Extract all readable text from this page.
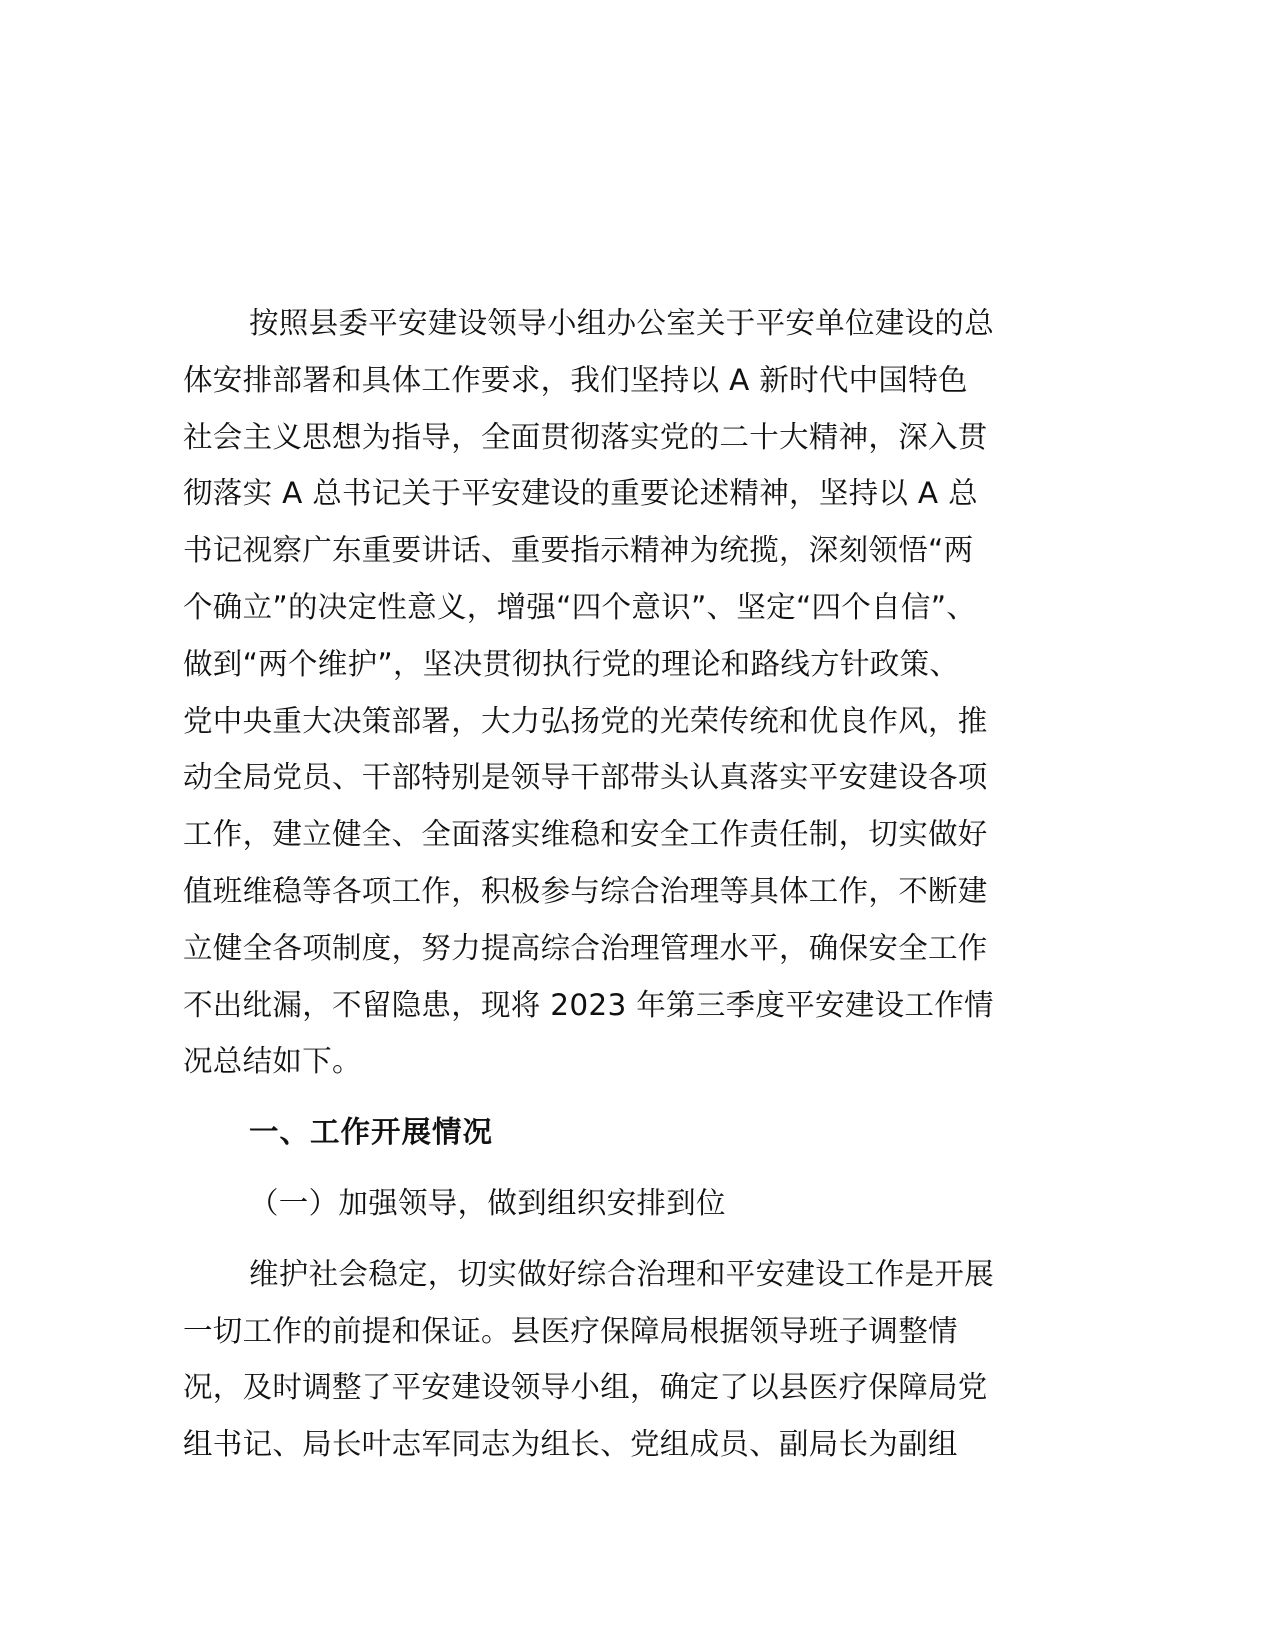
按照县委平安建设领导小组办公室关于平安单位建设的总
体安排部署和具体工作要求，我们坚持以 A 新时代中国特色
社会主义思想为指导，全面贯彻落实党的二十大精神，深入贯
彻落实 A 总书记关于平安建设的重要论述精神，坚持以 A 总
书记视察广东重要讲话、重要指示精神为统揽，深刻领悟“两
个确立”的决定性意义，增强“四个意识”、坚定“四个自信”、
做到“两个维护”，坚决贯彻执行党的理论和路线方针政策、
党中央重大决策部署，大力弘扬党的光荣传统和优良作风，推
动全局党员、干部特别是领导干部带头认真落实平安建设各项
工作，建立健全、全面落实维稳和安全工作责任制，切实做好
值班维稳等各项工作，积极参与综合治理等具体工作，不断建
立健全各项制度，努力提高综合治理管理水平，确保安全工作
不出纰漏，不留隐患，现将 2023 年第三季度平安建设工作情
况总结如下。
一、工作开展情况
（一）加强领导，做到组织安排到位
维护社会稳定，切实做好综合治理和平安建设工作是开展
一切工作的前提和保证。县医疗保障局根据领导班子调整情
况，及时调整了平安建设领导小组，确定了以县医疗保障局党
组书记、局长叶志军同志为组长、党组成员、副局长为副组
